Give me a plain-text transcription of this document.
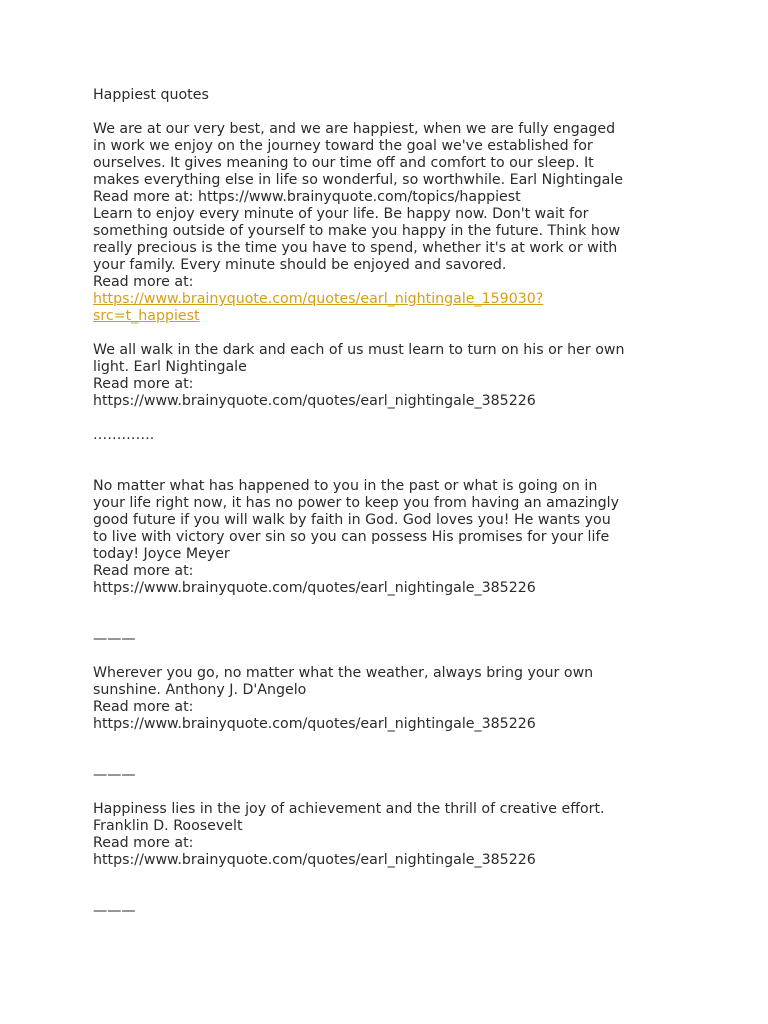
Happiest quotes
We are at our very best, and we are happiest, when we are fully engaged
in work we enjoy on the journey toward the goal we've established for
ourselves. It gives meaning to our time off and comfort to our sleep. It
makes everything else in life so wonderful, so worthwhile. Earl Nightingale
Read more at: https://www.brainyquote.com/topics/happiest
Learn to enjoy every minute of your life. Be happy now. Don't wait for
something outside of yourself to make you happy in the future. Think how
really precious is the time you have to spend, whether it's at work or with
your family. Every minute should be enjoyed and savored.
Read more at:
https://www.brainyquote.com/quotes/earl_nightingale_159030?
src=t_happiest
We all walk in the dark and each of us must learn to turn on his or her own
light. Earl Nightingale
Read more at:
https://www.brainyquote.com/quotes/earl_nightingale_385226
………….
No matter what has happened to you in the past or what is going on in
your life right now, it has no power to keep you from having an amazingly
good future if you will walk by faith in God. God loves you! He wants you
to live with victory over sin so you can possess His promises for your life
today! Joyce Meyer
Read more at:
https://www.brainyquote.com/quotes/earl_nightingale_385226
———
Wherever you go, no matter what the weather, always bring your own
sunshine. Anthony J. D'Angelo
Read more at:
https://www.brainyquote.com/quotes/earl_nightingale_385226
———
Happiness lies in the joy of achievement and the thrill of creative effort.
Franklin D. Roosevelt
Read more at:
https://www.brainyquote.com/quotes/earl_nightingale_385226
———
